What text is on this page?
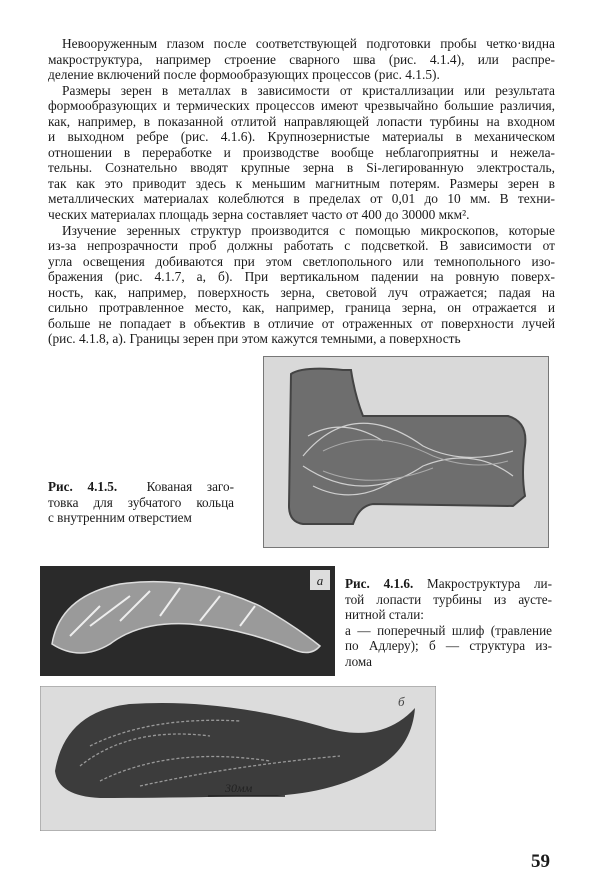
Невооруженным глазом после соответствующей подготовки пробы четко·видна
макроструктура, например строение сварного шва (рис. 4.1.4), или распре-
деление включений после формообразующих процессов (рис. 4.1.5).
Размеры зерен в металлах в зависимости от кристаллизации или результата
формообразующих и термических процессов имеют чрезвычайно большие различия,
как, например, в показанной отлитой направляющей лопасти турбины на входном
и выходном ребре (рис. 4.1.6). Крупнозернистые материалы в механическом
отношении в переработке и производстве вообще неблагоприятны и нежела-
тельны. Сознательно вводят крупные зерна в Si-легированную электросталь,
так как это приводит здесь к меньшим магнитным потерям. Размеры зерен в
металлических материалах колеблются в пределах от 0,01 до 10 мм. В техни-
ческих материалах площадь зерна составляет часто от 400 до 30000 мкм².
Изучение зеренных структур производится с помощью микроскопов, которые
из-за непрозрачности проб должны работать с подсветкой. В зависимости от
угла освещения добиваются при этом светлопольного или темнопольного изо-
бражения (рис. 4.1.7, а, б). При вертикальном падении на ровную поверх-
ность, как, например, поверхность зерна, световой луч отражается; падая на
сильно протравленное место, как, например, граница зерна, он отражается и
больше не попадает в объектив в отличие от отраженных от поверхности лучей
(рис. 4.1.8, а). Границы зерен при этом кажутся темными, а поверхность
Рис. 4.1.5. Кованая заго-
товка для зубчатого кольца
с внутренним отверстием
а
б
30мм
Рис. 4.1.6. Макроструктура ли-
той лопасти турбины из аусте-
нитной стали:
а — поперечный шлиф (травление
по Адлеру); б — структура из-
лома
59
